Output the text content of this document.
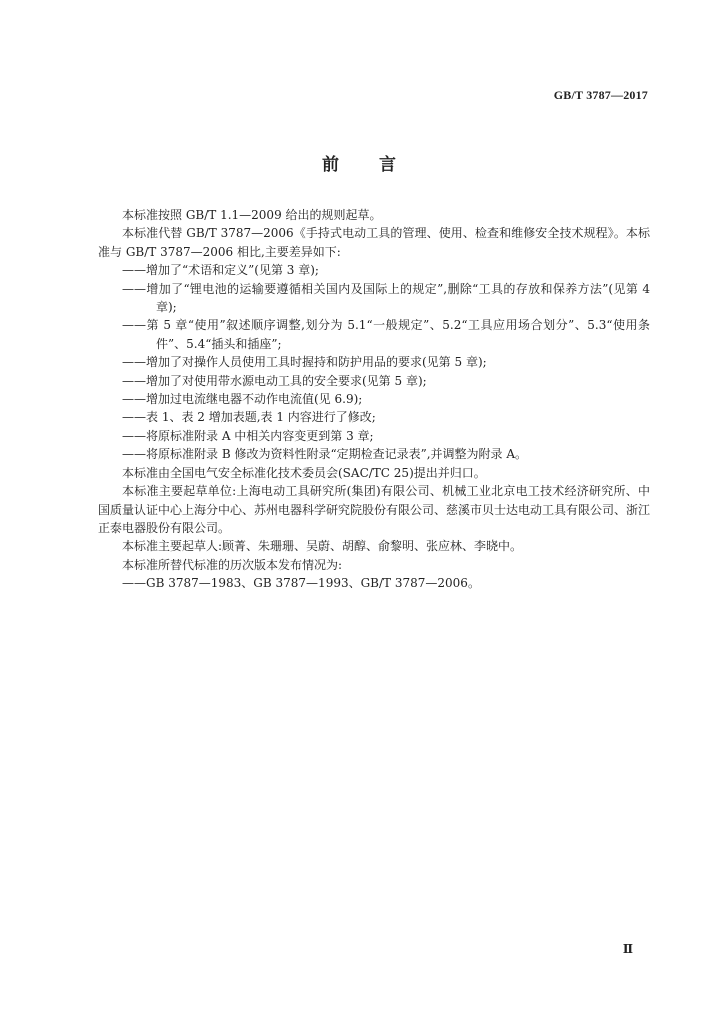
GB/T 3787—2017
前言

本标准按照 GB/T 1.1—2009 给出的规则起草。

本标准代替 GB/T 3787—2006《手持式电动工具的管理、使用、检查和维修安全技术规程》。本标准与 GB/T 3787—2006 相比,主要差异如下:

——增加了“术语和定义”(见第 3 章);

——增加了“锂电池的运输要遵循相关国内及国际上的规定”,删除“工具的存放和保养方法”(见第 4 章);

——第 5 章“使用”叙述顺序调整,划分为 5.1“一般规定”、5.2“工具应用场合划分”、5.3“使用条件”、5.4“插头和插座”;

——增加了对操作人员使用工具时握持和防护用品的要求(见第 5 章);

——增加了对使用带水源电动工具的安全要求(见第 5 章);

——增加过电流继电器不动作电流值(见 6.9);

——表 1、表 2 增加表题,表 1 内容进行了修改;

——将原标准附录 A 中相关内容变更到第 3 章;

——将原标准附录 B 修改为资料性附录“定期检查记录表”,并调整为附录 A。

本标准由全国电气安全标准化技术委员会(SAC/TC 25)提出并归口。

本标准主要起草单位:上海电动工具研究所(集团)有限公司、机械工业北京电工技术经济研究所、中国质量认证中心上海分中心、苏州电器科学研究院股份有限公司、慈溪市贝士达电动工具有限公司、浙江正泰电器股份有限公司。

本标准主要起草人:顾菁、朱珊珊、吴蔚、胡醇、俞黎明、张应林、李晓中。

本标准所替代标准的历次版本发布情况为:

——GB 3787—1983、GB 3787—1993、GB/T 3787—2006。

Ⅱ
